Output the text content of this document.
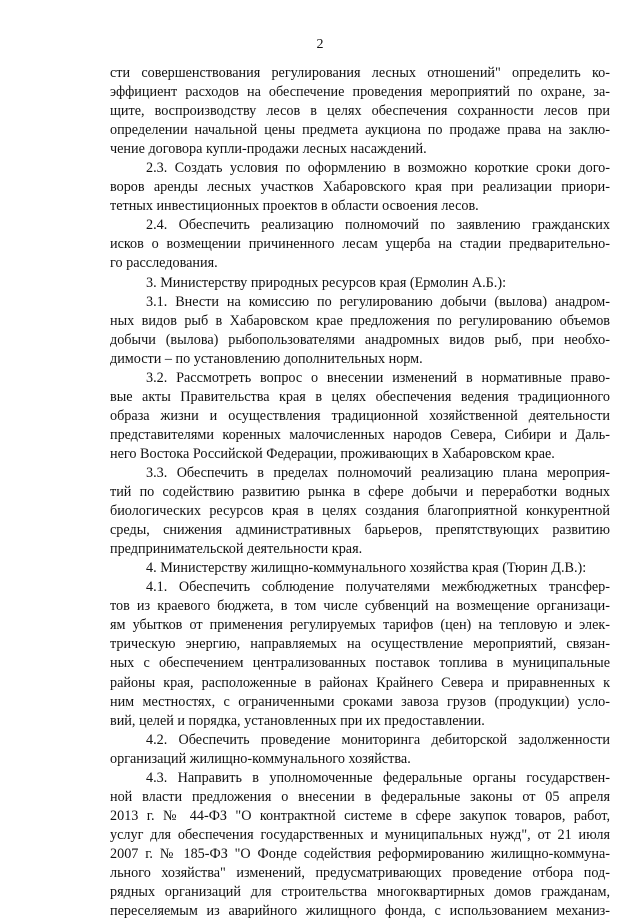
2
сти совершенствования регулирования лесных отношений" определить ко-
эффициент расходов на обеспечение проведения мероприятий по охране, за-
щите, воспроизводству лесов в целях обеспечения сохранности лесов при
определении начальной цены предмета аукциона по продаже права на заклю-
чение договора купли-продажи лесных насаждений.
2.3. Создать условия по оформлению в возможно короткие сроки дого-
воров аренды лесных участков Хабаровского края при реализации приори-
тетных инвестиционных проектов в области освоения лесов.
2.4. Обеспечить реализацию полномочий по заявлению гражданских
исков о возмещении причиненного лесам ущерба на стадии предварительно-
го расследования.
3. Министерству природных ресурсов края (Ермолин А.Б.):
3.1. Внести на комиссию по регулированию добычи (вылова) анадром-
ных видов рыб в Хабаровском крае предложения по регулированию объемов
добычи (вылова) рыбопользователями анадромных видов рыб, при необхо-
димости – по установлению дополнительных норм.
3.2. Рассмотреть вопрос о внесении изменений в нормативные право-
вые акты Правительства края в целях обеспечения ведения традиционного
образа жизни и осуществления традиционной хозяйственной деятельности
представителями коренных малочисленных народов Севера, Сибири и Даль-
него Востока Российской Федерации, проживающих в Хабаровском крае.
3.3. Обеспечить в пределах полномочий реализацию плана мероприя-
тий по содействию развитию рынка в сфере добычи и переработки водных
биологических ресурсов края в целях создания благоприятной конкурентной
среды, снижения административных барьеров, препятствующих развитию
предпринимательской деятельности края.
4. Министерству жилищно-коммунального хозяйства края (Тюрин Д.В.):
4.1. Обеспечить соблюдение получателями межбюджетных трансфер-
тов из краевого бюджета, в том числе субвенций на возмещение организаци-
ям убытков от применения регулируемых тарифов (цен) на тепловую и элек-
трическую энергию, направляемых на осуществление мероприятий, связан-
ных с обеспечением централизованных поставок топлива в муниципальные
районы края, расположенные в районах Крайнего Севера и приравненных к
ним местностях, с ограниченными сроками завоза грузов (продукции) усло-
вий, целей и порядка, установленных при их предоставлении.
4.2. Обеспечить проведение мониторинга дебиторской задолженности
организаций жилищно-коммунального хозяйства.
4.3. Направить в уполномоченные федеральные органы государствен-
ной власти предложения о внесении в федеральные законы от 05 апреля
2013 г. № 44-ФЗ "О контрактной системе в сфере закупок товаров, работ,
услуг для обеспечения государственных и муниципальных нужд", от 21 июля
2007 г. № 185-ФЗ "О Фонде содействия реформированию жилищно-коммуна-
льного хозяйства" изменений, предусматривающих проведение отбора под-
рядных организаций для строительства многоквартирных домов гражданам,
переселяемым из аварийного жилищного фонда, с использованием механиз-
